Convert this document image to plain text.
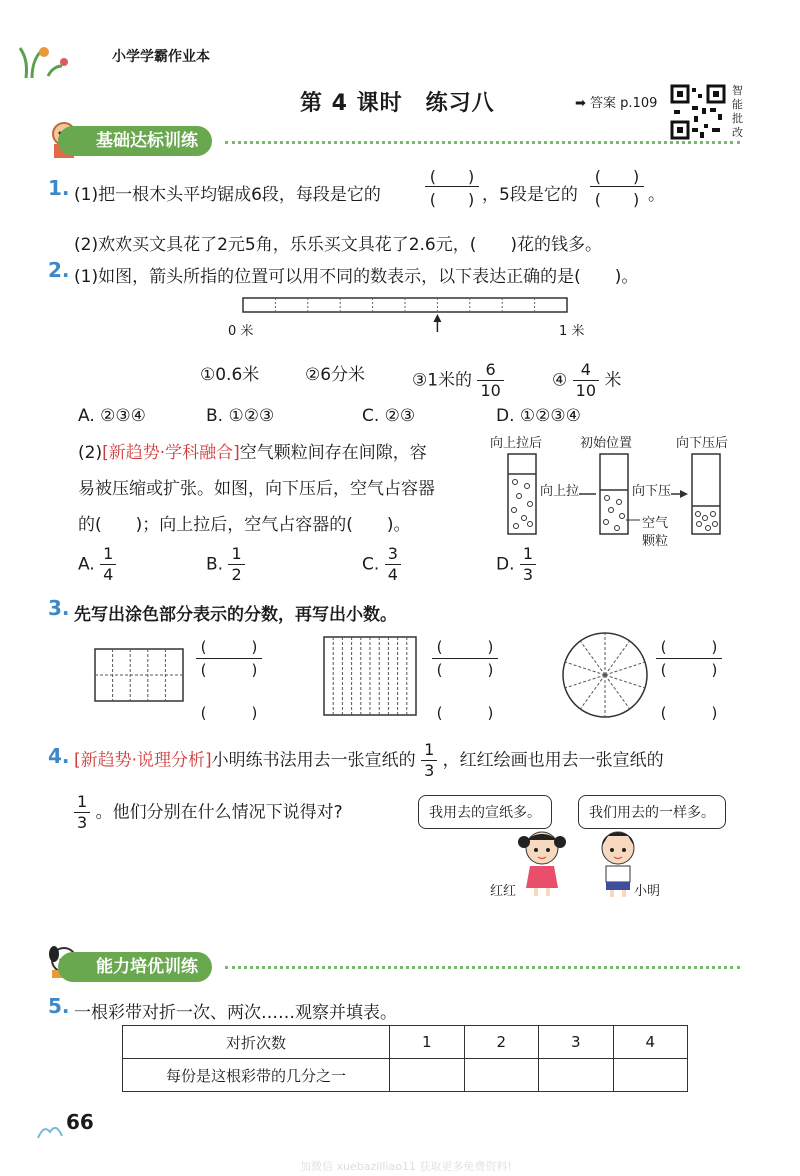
小学学霸作业本
第 4 课时　练习八	➡ 答案 p.109
智
能
批
改
基础达标训练
1. (1)把一根木头平均锯成6段，每段是它的
(　　)
(　　) ，5段是它的
(　　)
(　　) 。
(2)欢欢买文具花了2元5角，乐乐买文具花了2.6元，(　　)花的钱多。
2. (1)如图，箭头所指的位置可以用不同的数表示，以下表达正确的是(　　)。
0 米	1 米
①0.6米	②6分米	③1米的 $\frac{6}{10}$	④ $\frac{4}{10}$ 米
A. ②③④	B. ①②③	C. ②③	D. ①②③④
(2)[新趋势·学科融合]空气颗粒间存在间隙，容
易被压缩或扩张。如图，向下压后，空气占容器
的(　　)；向上拉后，空气占容器的(　　)。
向上拉后	初始位置	向下压后
向上拉	向下压
空气
颗粒
A. $\frac{1}{4}$	B. $\frac{1}{2}$	C. $\frac{3}{4}$	D. $\frac{1}{3}$
3. 先写出涂色部分表示的分数，再写出小数。
(　　　)
(　　　)
(　　　)
(　　　)
(　　　)
(　　　)
(　　　)
(　　　)
(　　　)
4. [新趋势·说理分析]小明练书法用去一张宣纸的 $\frac{1}{3}$ ，红红绘画也用去一张宣纸的
$\frac{1}{3}$ 。他们分别在什么情况下说得对?	我用去的宣纸多。	我们用去的一样多。
红红	小明
能力培优训练
5. 一根彩带对折一次、两次……观察并填表。
对折次数	1	2	3	4
每份是这根彩带的几分之一				
66
加微信 xuebazilliao11 获取更多免费资料!
